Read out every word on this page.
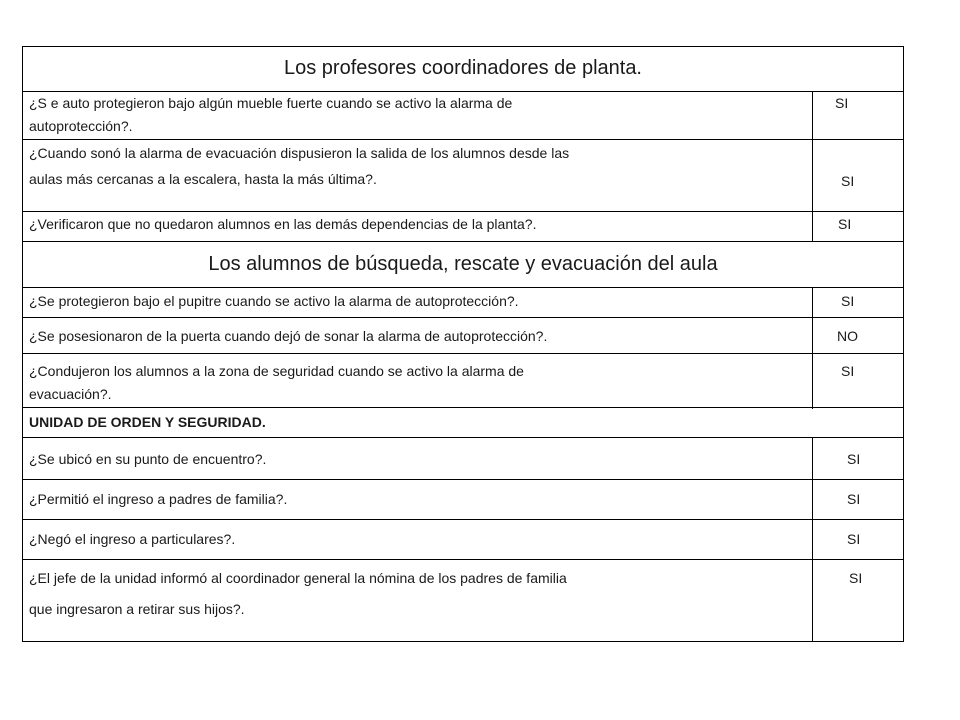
Los profesores coordinadores de planta.
¿S e auto protegieron bajo algún mueble fuerte cuando se activo la alarma de
autoprotección?.
SI
¿Cuando sonó la alarma de evacuación dispusieron la salida de los alumnos desde las
aulas más cercanas a la escalera, hasta la más última?.	SI
¿Verificaron que no quedaron alumnos en las demás dependencias de la planta?.	SI
Los alumnos de búsqueda, rescate y evacuación del aula
¿Se protegieron bajo el pupitre cuando se activo la alarma de autoprotección?.	SI
¿Se posesionaron de la puerta cuando dejó de sonar la alarma de autoprotección?.	NO
¿Condujeron los alumnos a la zona de seguridad cuando se activo la alarma de
evacuación?.
SI
UNIDAD DE ORDEN Y SEGURIDAD.
¿Se ubicó en su punto de encuentro?.	SI
¿Permitió el ingreso a padres de familia?.	SI
¿Negó el ingreso a particulares?.	SI
¿El jefe de la unidad informó al coordinador general la nómina de los padres de familia
que ingresaron a retirar sus hijos?.
SI
